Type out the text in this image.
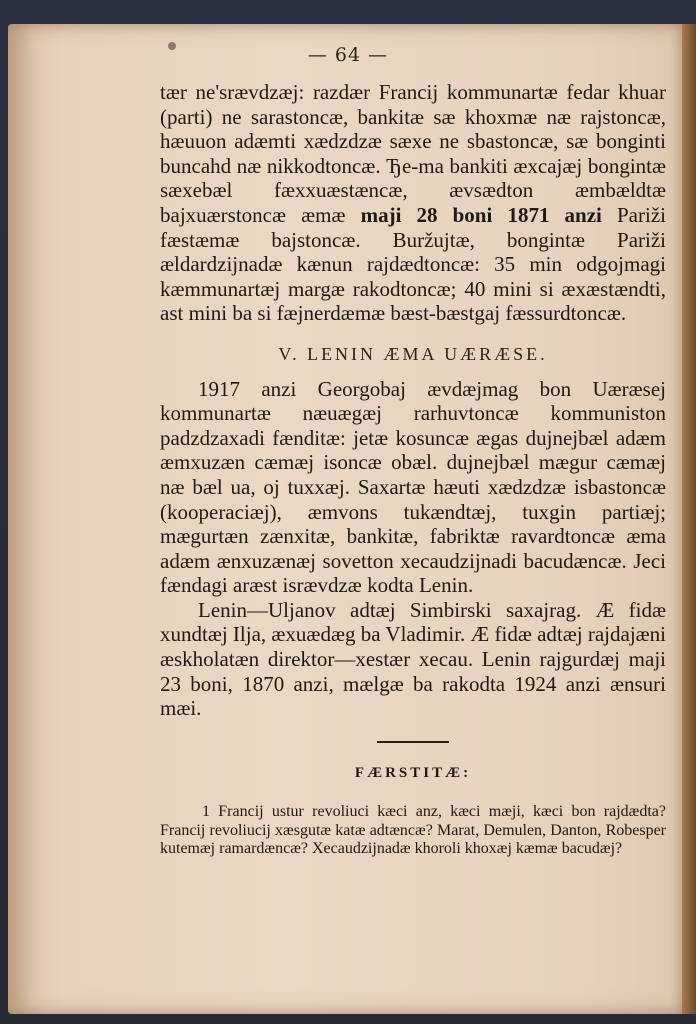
— 64 —

tær ne'srævdzæj: razdær Francij kommunartæ fedar khuar (parti) ne sarastoncæ, bankitæ sæ khoxmæ næ rajstoncæ, hæuuon adæmti xædzdzæ sæxe ne sbastoncæ, sæ bonginti buncahd næ nikkodtoncæ. Ђe-ma bankiti æxcajæj bongintæ sæxebæl fæxxuæstæncæ, ævsædton æmbældtæ bajxuærstoncæ æmæ maji 28 boni 1871 anzi Pariži fæstæmæ bajstoncæ. Buržujtæ, bongintæ Pariži ældardzijnadæ kænun rajdædtoncæ: 35 min odgojmagi kæmmunartæj margæ rakodtoncæ; 40 mini si æxæstændti, ast mini ba si fæjnerdæmæ bæst-bæstgaj fæssurdtoncæ.

V. LENIN ÆMA UÆRÆSE.

1917 anzi Georgobaj ævdæjmag bon Uæræsej kommunartæ næuægæj rarhuvtoncæ kommuniston padzdzaxadi fænditæ: jetæ kosuncæ ægas dujnejbæl adæm æmxuzæn cæmæj isoncæ obæl. dujnejbæl mægur cæmæj næ bæl ua, oj tuxxæj. Saxartæ hæuti xædzdzæ isbastoncæ (kooperaciæj), æmvons tukændtæj, tuxgin partiæj; mægurtæn zænxitæ, bankitæ, fabriktæ ravardtoncæ æma adæm ænxuzænæj sovetton xecaudzijnadi bacudæncæ. Jeci fændagi aræst isrævdzæ kodta Lenin.

Lenin—Uljanov adtæj Simbirski saxajrag. Æ fidæ xundtæj Ilja, æxuædæg ba Vladimir. Æ fidæ adtæj rajdajæni æskholatæn direktor—xestær xecau. Lenin rajgurdæj maji 23 boni, 1870 anzi, mælgæ ba rakodta 1924 anzi ænsuri mæi.

FÆRSTITÆ:

1 Francij ustur revoliuci kæci anz, kæci mæji, kæci bon rajdædta? Francij revoliucij xæsgutæ katæ adtæncæ? Marat, Demulen, Danton, Robesper kutemæj ramardæncæ? Xecaudzijnadæ khoroli khoxæj kæmæ bacudæj?
